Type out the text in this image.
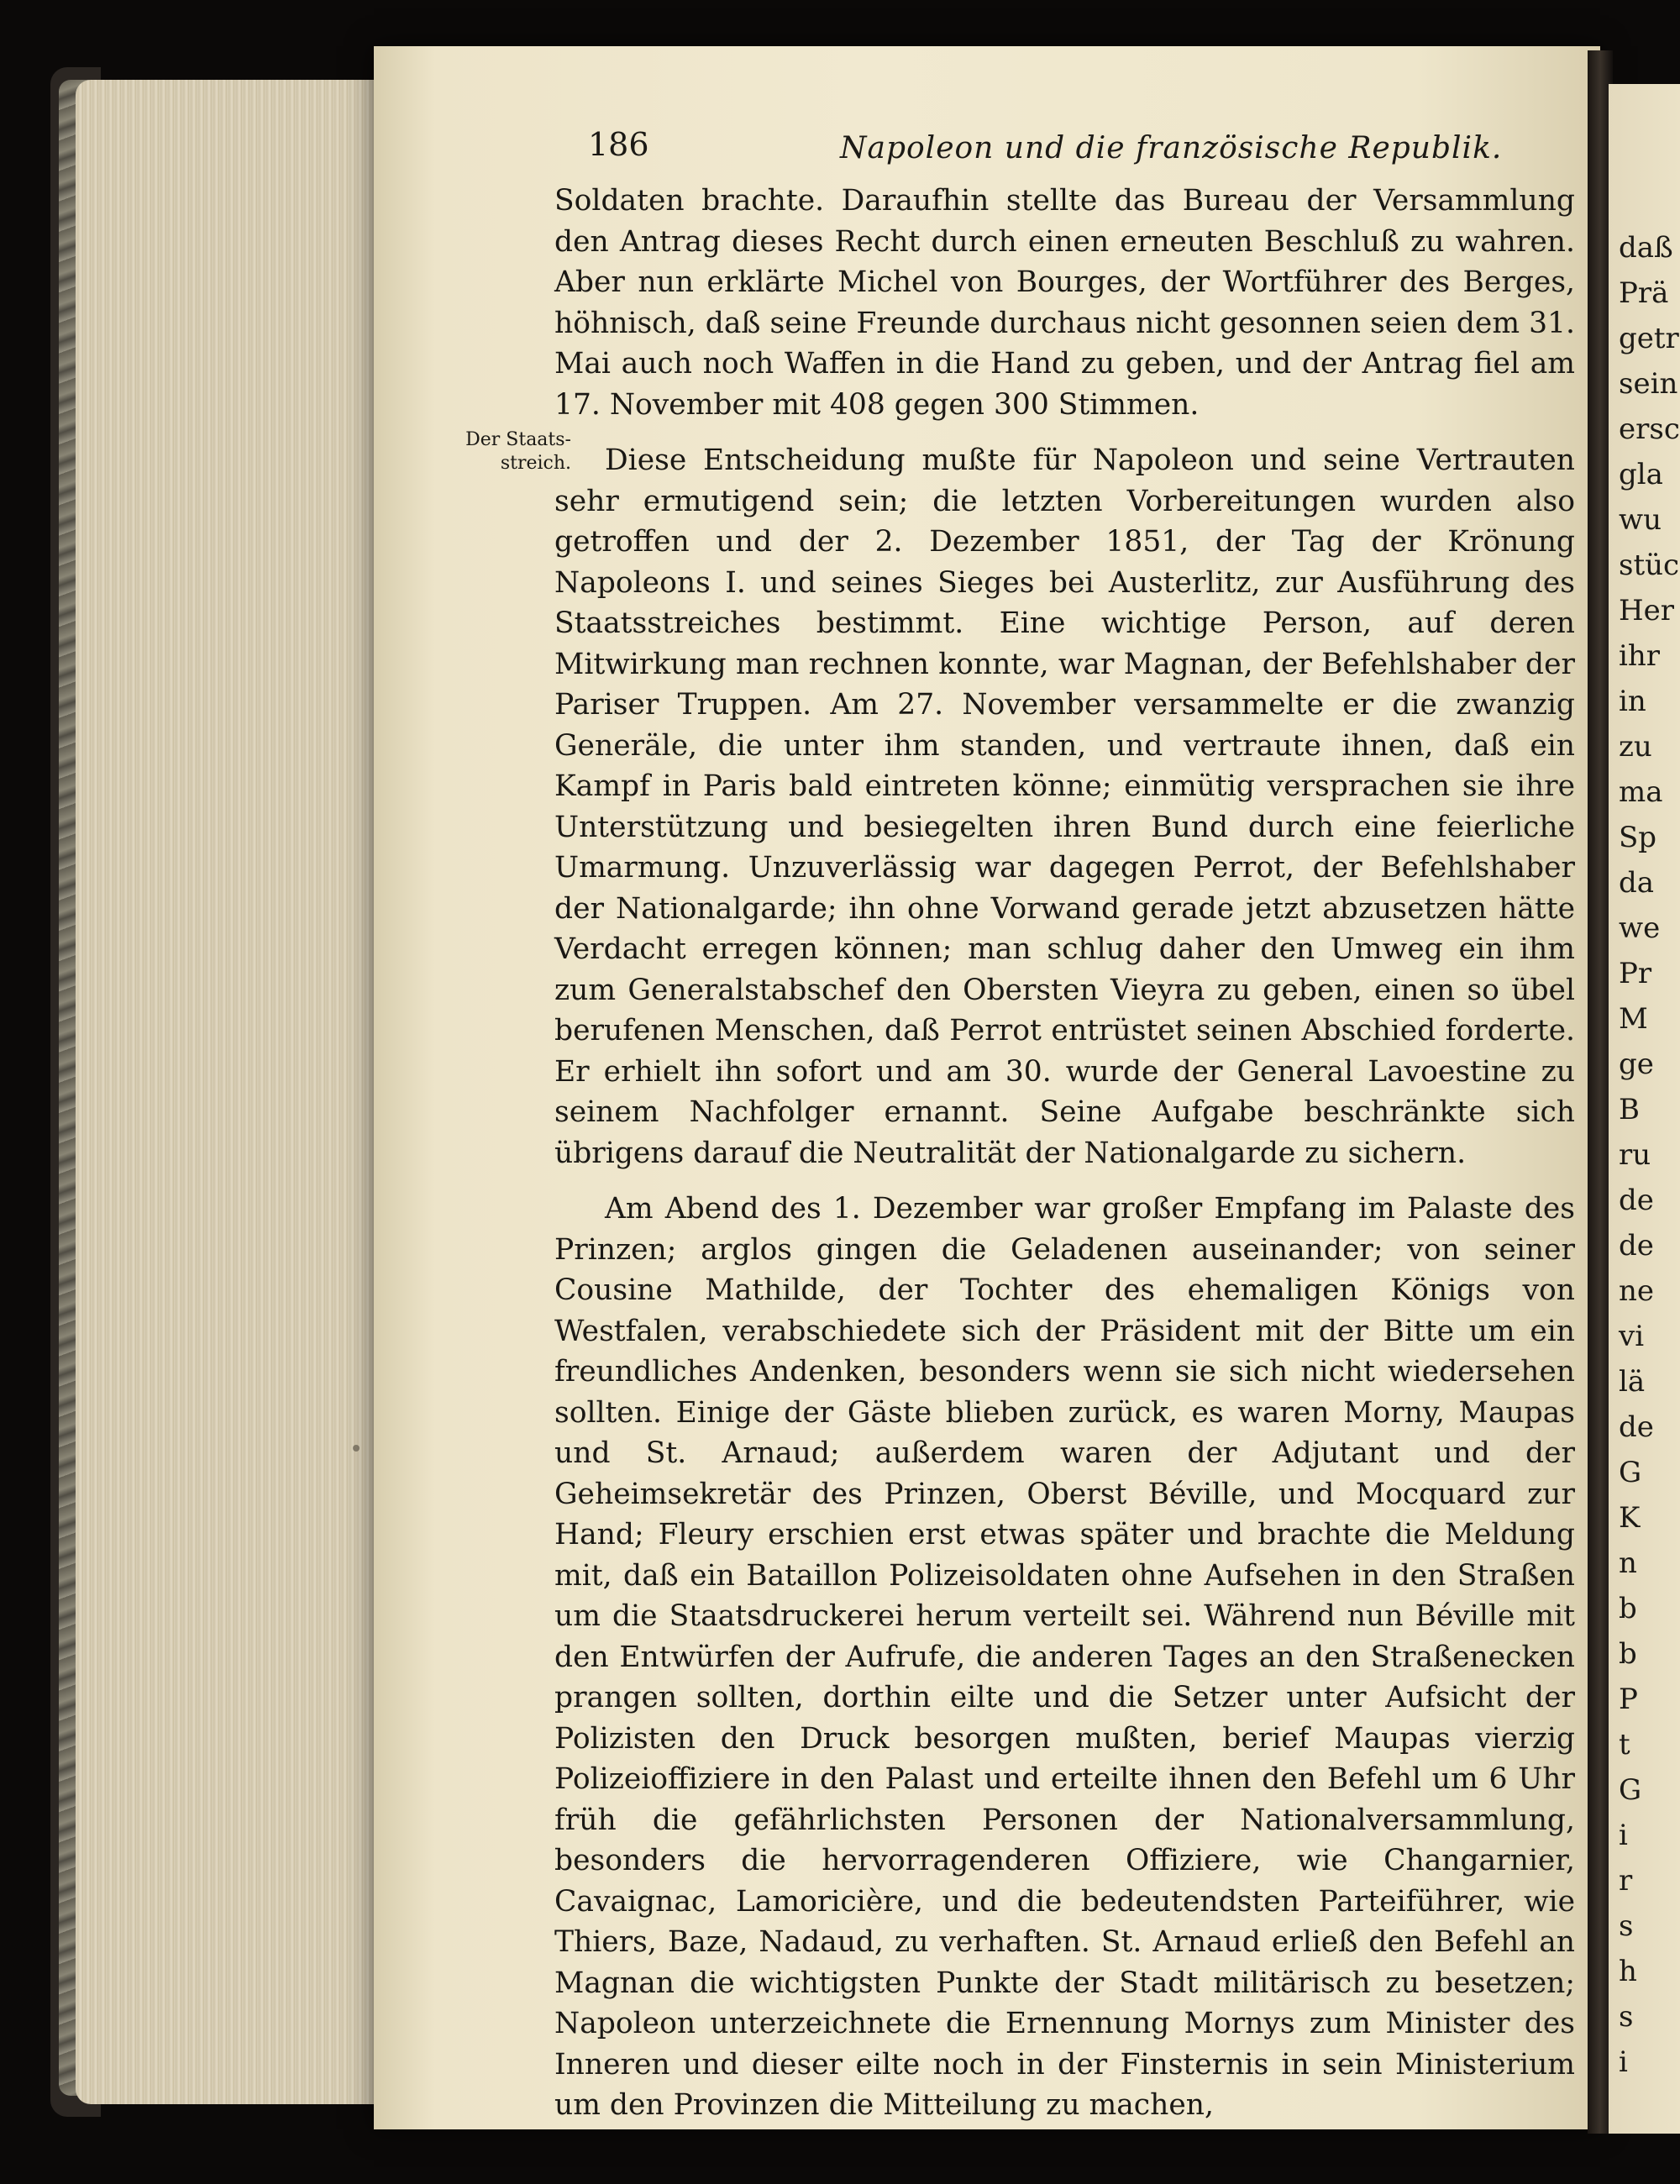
daß
Prä
getr
sein
ersc
gla
wu
stüc
Her
ihr
in
zu
ma
Sp
da
we
Pr
M
ge
B
ru
de
de
ne
vi
lä
de
G
K
n
b
b
P
t
G
i
r
s
h
s
i
186	Napoleon und die französische Republik.
Der Staats-
streich.

Soldaten brachte. Daraufhin stellte das Bureau der Versammlung den Antrag dieses Recht durch einen erneuten Beschluß zu wahren. Aber nun erklärte Michel von Bourges, der Wortführer des Berges, höhnisch, daß seine Freunde durchaus nicht gesonnen seien dem 31. Mai auch noch Waffen in die Hand zu geben, und der Antrag fiel am 17. November mit 408 gegen 300 Stimmen.

Diese Entscheidung mußte für Napoleon und seine Vertrauten sehr ermutigend sein; die letzten Vorbereitungen wurden also getroffen und der 2. Dezember 1851, der Tag der Krönung Napoleons I. und seines Sieges bei Austerlitz, zur Ausführung des Staatsstreiches bestimmt. Eine wichtige Person, auf deren Mitwirkung man rechnen konnte, war Magnan, der Befehlshaber der Pariser Truppen. Am 27. November versammelte er die zwanzig Generäle, die unter ihm standen, und vertraute ihnen, daß ein Kampf in Paris bald eintreten könne; einmütig versprachen sie ihre Unterstützung und besiegelten ihren Bund durch eine feierliche Umarmung. Unzuverlässig war dagegen Perrot, der Befehlshaber der Nationalgarde; ihn ohne Vorwand gerade jetzt abzusetzen hätte Verdacht erregen können; man schlug daher den Umweg ein ihm zum Generalstabschef den Obersten Vieyra zu geben, einen so übel berufenen Menschen, daß Perrot entrüstet seinen Abschied forderte. Er erhielt ihn sofort und am 30. wurde der General Lavoestine zu seinem Nachfolger ernannt. Seine Aufgabe beschränkte sich übrigens darauf die Neutralität der Nationalgarde zu sichern.

Am Abend des 1. Dezember war großer Empfang im Palaste des Prinzen; arglos gingen die Geladenen auseinander; von seiner Cousine Mathilde, der Tochter des ehemaligen Königs von Westfalen, verabschiedete sich der Präsident mit der Bitte um ein freundliches Andenken, besonders wenn sie sich nicht wiedersehen sollten. Einige der Gäste blieben zurück, es waren Morny, Maupas und St. Arnaud; außerdem waren der Adjutant und der Geheimsekretär des Prinzen, Oberst Béville, und Mocquard zur Hand; Fleury erschien erst etwas später und brachte die Meldung mit, daß ein Bataillon Polizeisoldaten ohne Aufsehen in den Straßen um die Staatsdruckerei herum verteilt sei. Während nun Béville mit den Entwürfen der Aufrufe, die anderen Tages an den Straßenecken prangen sollten, dorthin eilte und die Setzer unter Aufsicht der Polizisten den Druck besorgen mußten, berief Maupas vierzig Polizeioffiziere in den Palast und erteilte ihnen den Befehl um 6 Uhr früh die gefährlichsten Personen der Nationalversammlung, besonders die hervorragenderen Offiziere, wie Changarnier, Cavaignac, Lamoricière, und die bedeutendsten Parteiführer, wie Thiers, Baze, Nadaud, zu verhaften. St. Arnaud erließ den Befehl an Magnan die wichtigsten Punkte der Stadt militärisch zu besetzen; Napoleon unterzeichnete die Ernennung Mornys zum Minister des Inneren und dieser eilte noch in der Finsternis in sein Ministerium um den Provinzen die Mitteilung zu machen,
